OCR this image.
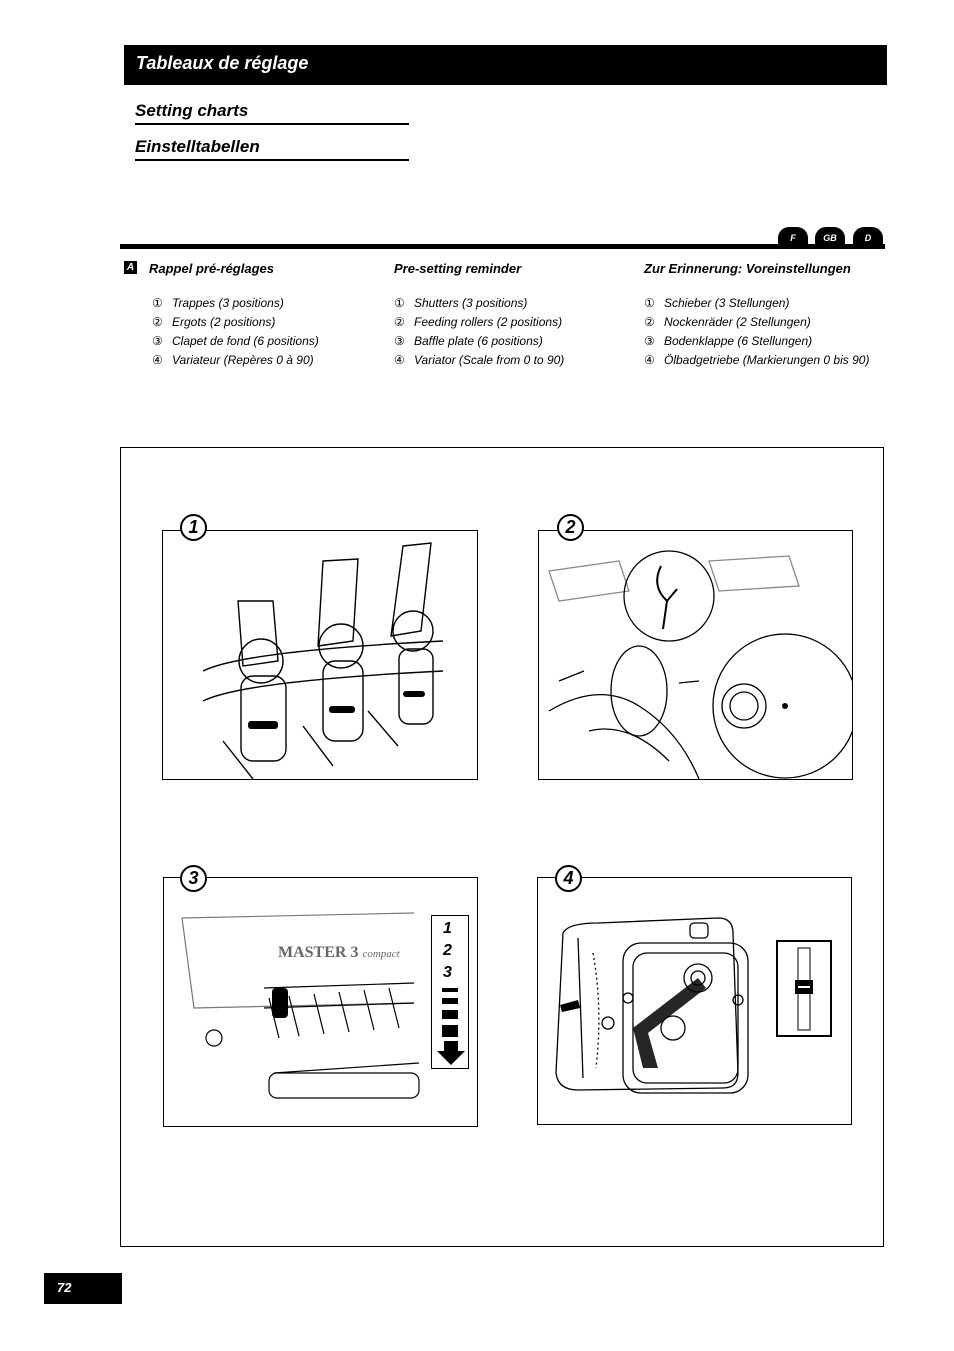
Tableaux de réglage
Setting charts
Einstelltabellen
F	GB	D
A Rappel pré-réglages
① Trappes (3 positions)
② Ergots (2 positions)
③ Clapet de fond (6 positions)
④ Variateur (Repères 0 à 90)
Pre-setting reminder
① Shutters (3 positions)
② Feeding rollers (2 positions)
③ Baffle plate (6 positions)
④ Variator (Scale from 0 to 90)
Zur Erinnerung: Voreinstellungen
① Schieber (3 Stellungen)
② Nockenräder (2 Stellungen)
③ Bodenklappe (6 Stellungen)
④ Ölbadgetriebe (Markierungen 0 bis 90)
1	2
MASTER 3 compact
1
2
3
3	4
72
